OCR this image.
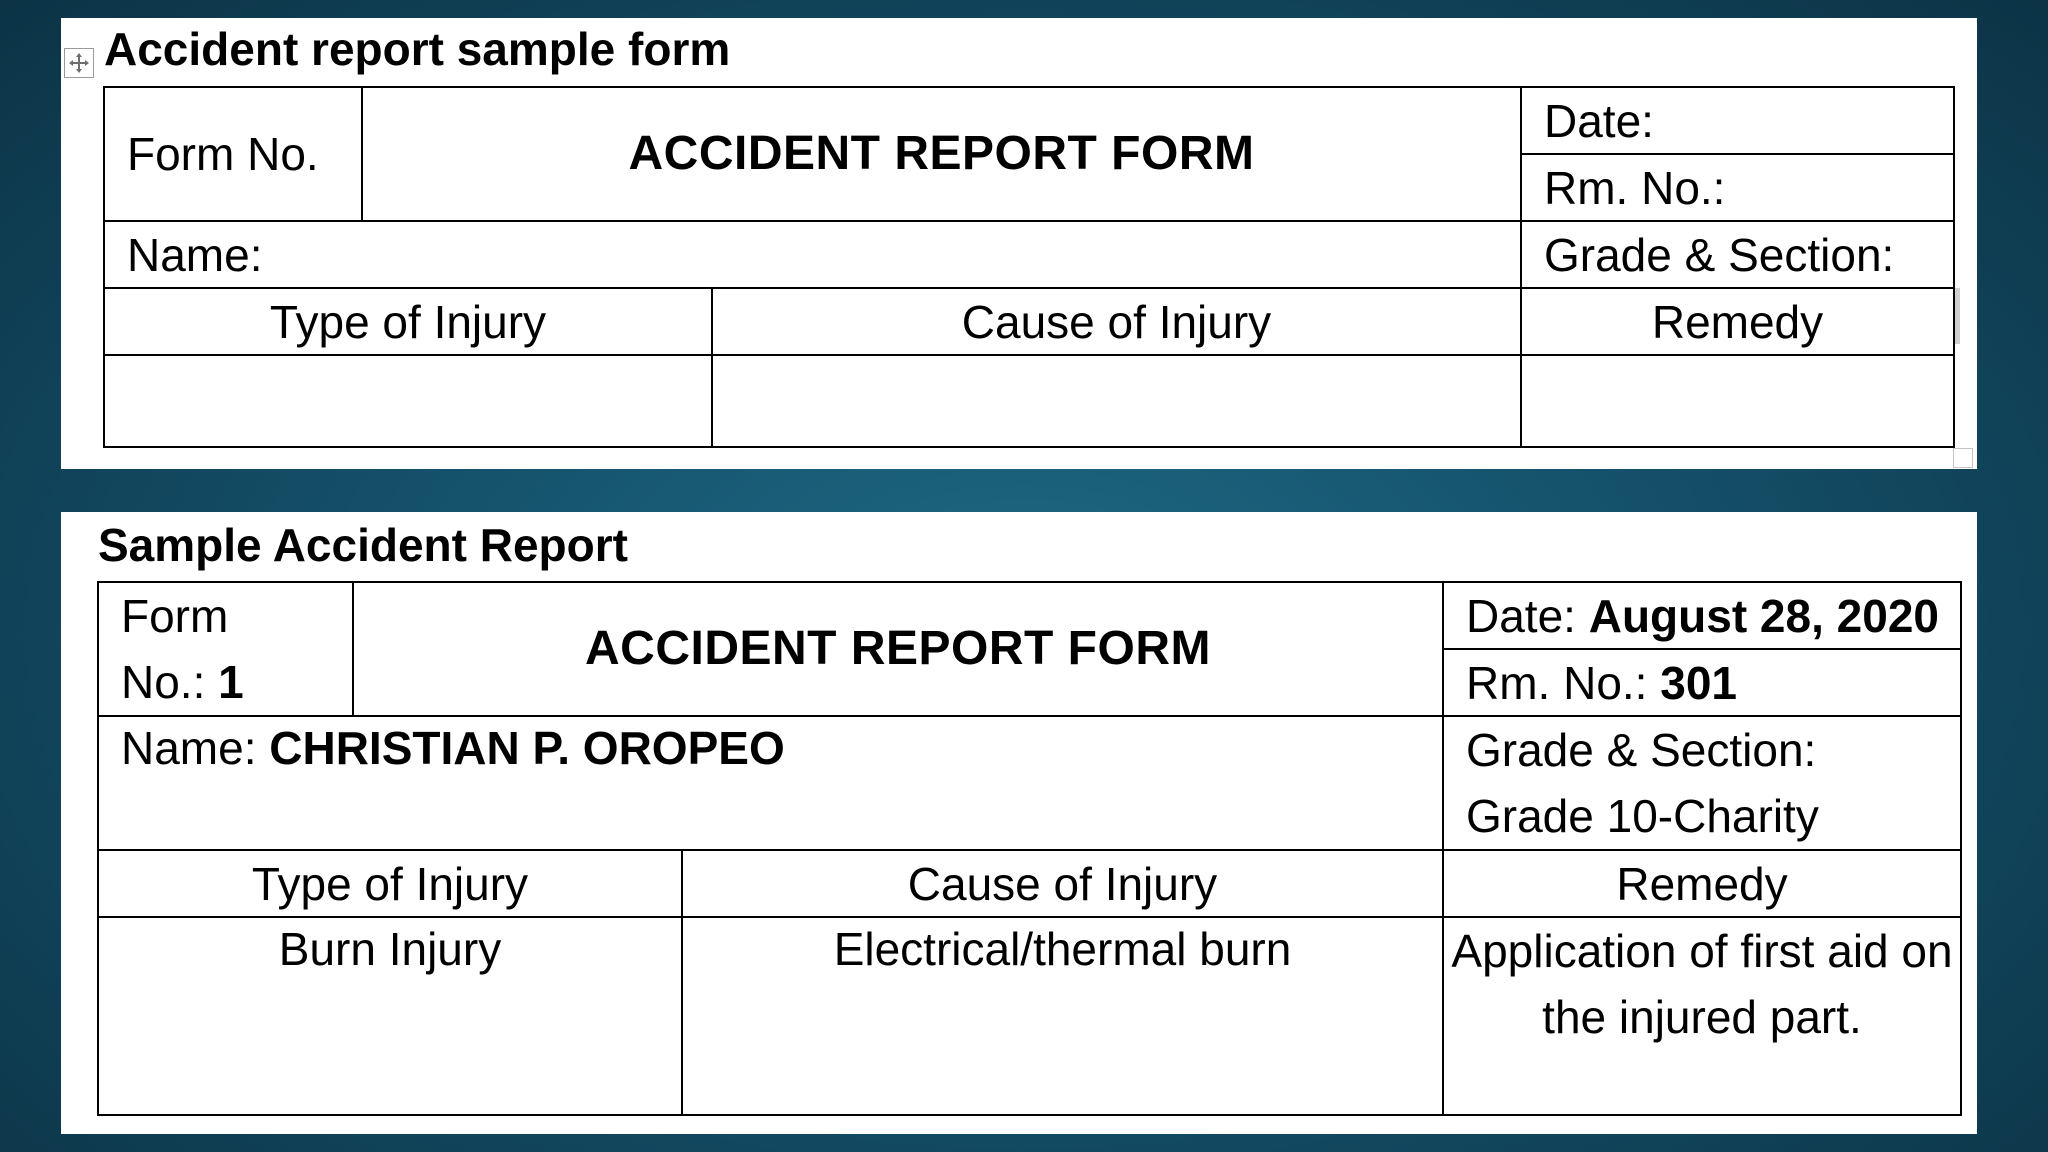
Accident report sample form
Form No.	ACCIDENT REPORT FORM		Date:
			Rm. No.:
Name:			Grade & Section:
Type of Injury		Cause of Injury	Remedy

Sample Accident Report
Form
No.: 1	ACCIDENT REPORT FORM		Date: August 28, 2020
			Rm. No.: 301
Name: CHRISTIAN P. OROPEO			Grade & Section:
Grade 10-Charity

Type of Injury		Cause of Injury	Remedy
Burn Injury		Electrical/thermal burn	Application of first aid on
the injured part.
